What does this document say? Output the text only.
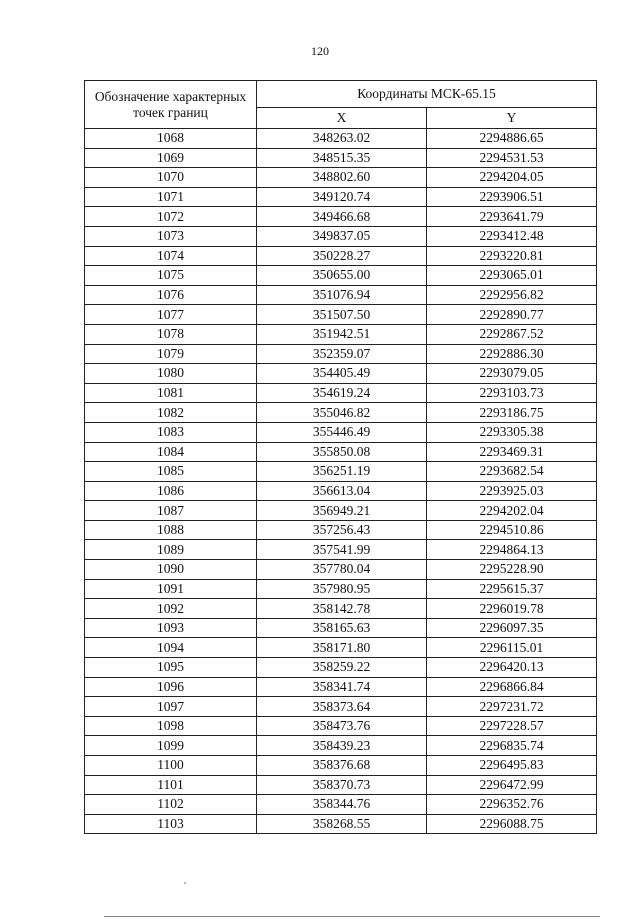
120
Обозначение характерных точек границ	Координаты МСК-65.15	
	X	Y
1068	348263.02	2294886.65
1069	348515.35	2294531.53
1070	348802.60	2294204.05
1071	349120.74	2293906.51
1072	349466.68	2293641.79
1073	349837.05	2293412.48
1074	350228.27	2293220.81
1075	350655.00	2293065.01
1076	351076.94	2292956.82
1077	351507.50	2292890.77
1078	351942.51	2292867.52
1079	352359.07	2292886.30
1080	354405.49	2293079.05
1081	354619.24	2293103.73
1082	355046.82	2293186.75
1083	355446.49	2293305.38
1084	355850.08	2293469.31
1085	356251.19	2293682.54
1086	356613.04	2293925.03
1087	356949.21	2294202.04
1088	357256.43	2294510.86
1089	357541.99	2294864.13
1090	357780.04	2295228.90
1091	357980.95	2295615.37
1092	358142.78	2296019.78
1093	358165.63	2296097.35
1094	358171.80	2296115.01
1095	358259.22	2296420.13
1096	358341.74	2296866.84
1097	358373.64	2297231.72
1098	358473.76	2297228.57
1099	358439.23	2296835.74
1100	358376.68	2296495.83
1101	358370.73	2296472.99
1102	358344.76	2296352.76
1103	358268.55	2296088.75
